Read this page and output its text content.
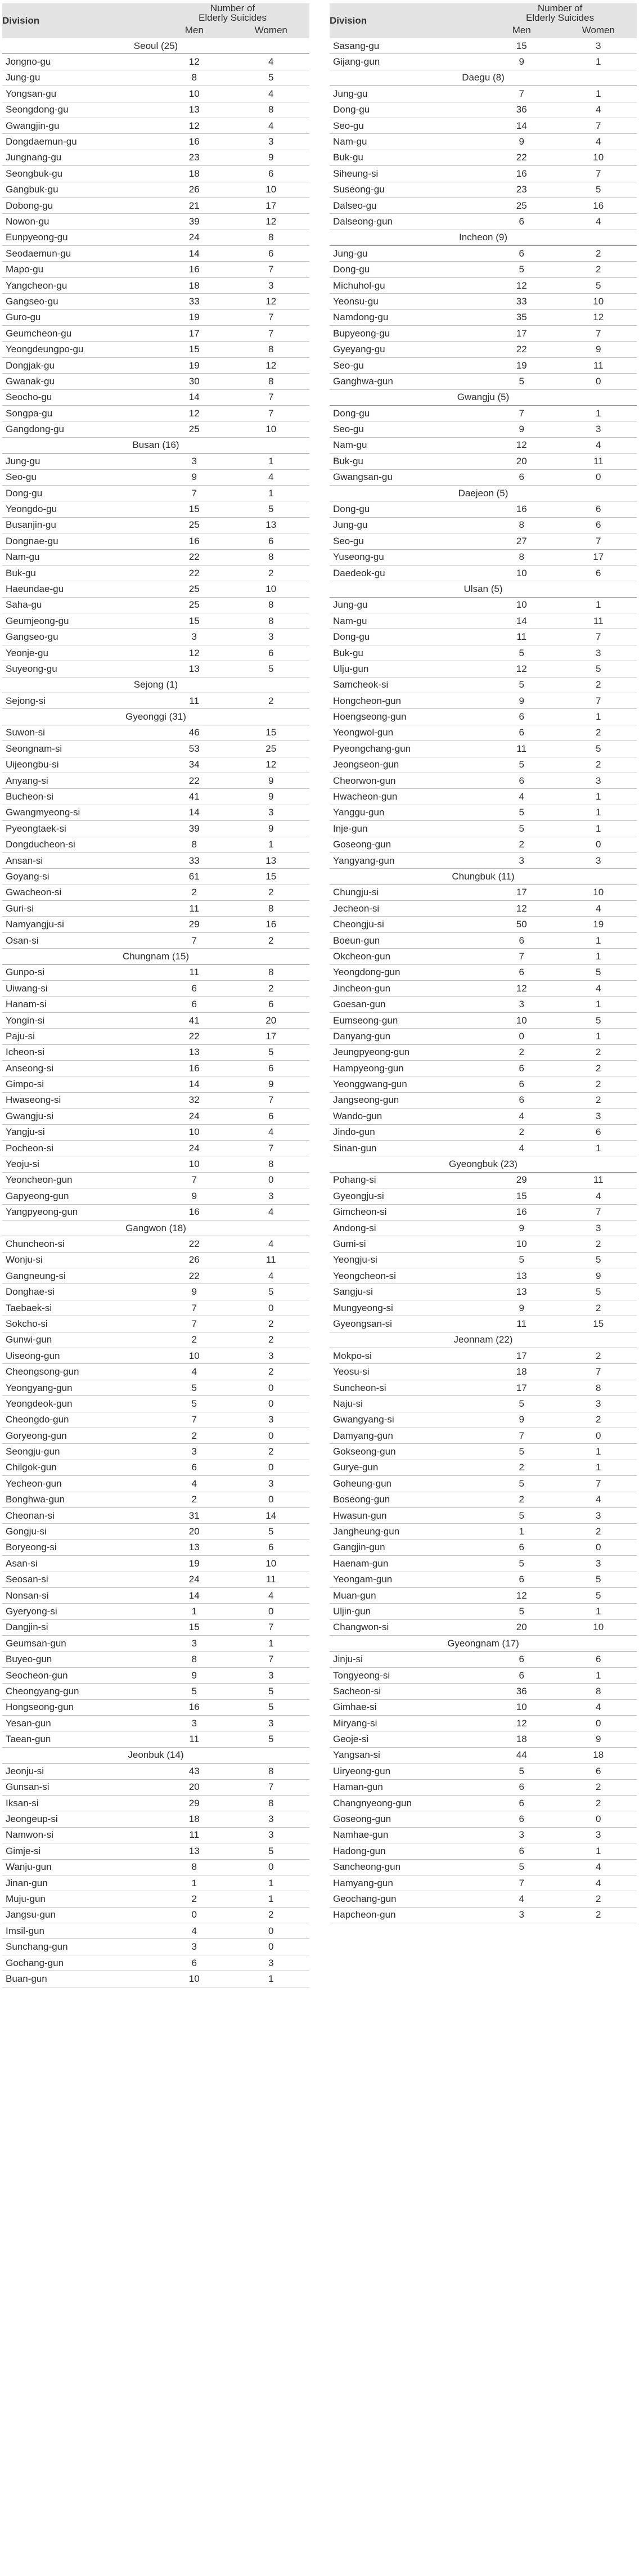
Division	Number of
Elderly Suicides	
	Men	Women
Seoul (25)		
Jongno-gu	12	4
Jung-gu	8	5
Yongsan-gu	10	4
Seongdong-gu	13	8
Gwangjin-gu	12	4
Dongdaemun-gu	16	3
Jungnang-gu	23	9
Seongbuk-gu	18	6
Gangbuk-gu	26	10
Dobong-gu	21	17
Nowon-gu	39	12
Eunpyeong-gu	24	8
Seodaemun-gu	14	6
Mapo-gu	16	7
Yangcheon-gu	18	3
Gangseo-gu	33	12
Guro-gu	19	7
Geumcheon-gu	17	7
Yeongdeungpo-gu	15	8
Dongjak-gu	19	12
Gwanak-gu	30	8
Seocho-gu	14	7
Songpa-gu	12	7
Gangdong-gu	25	10
Busan (16)		
Jung-gu	3	1
Seo-gu	9	4
Dong-gu	7	1
Yeongdo-gu	15	5
Busanjin-gu	25	13
Dongnae-gu	16	6
Nam-gu	22	8
Buk-gu	22	2
Haeundae-gu	25	10
Saha-gu	25	8
Geumjeong-gu	15	8
Gangseo-gu	3	3
Yeonje-gu	12	6
Suyeong-gu	13	5
Sejong (1)		
Sejong-si	11	2
Gyeonggi (31)		
Suwon-si	46	15
Seongnam-si	53	25
Uijeongbu-si	34	12
Anyang-si	22	9
Bucheon-si	41	9
Gwangmyeong-si	14	3
Pyeongtaek-si	39	9
Dongducheon-si	8	1
Ansan-si	33	13
Goyang-si	61	15
Gwacheon-si	2	2
Guri-si	11	8
Namyangju-si	29	16
Osan-si	7	2
Chungnam (15)		
Gunpo-si	11	8
Uiwang-si	6	2
Hanam-si	6	6
Yongin-si	41	20
Paju-si	22	17
Icheon-si	13	5
Anseong-si	16	6
Gimpo-si	14	9
Hwaseong-si	32	7
Gwangju-si	24	6
Yangju-si	10	4
Pocheon-si	24	7
Yeoju-si	10	8
Yeoncheon-gun	7	0
Gapyeong-gun	9	3
Yangpyeong-gun	16	4
Gangwon (18)		
Chuncheon-si	22	4
Wonju-si	26	11
Gangneung-si	22	4
Donghae-si	9	5
Taebaek-si	7	0
Sokcho-si	7	2
Gunwi-gun	2	2
Uiseong-gun	10	3
Cheongsong-gun	4	2
Yeongyang-gun	5	0
Yeongdeok-gun	5	0
Cheongdo-gun	7	3
Goryeong-gun	2	0
Seongju-gun	3	2
Chilgok-gun	6	0
Yecheon-gun	4	3
Bonghwa-gun	2	0
Cheonan-si	31	14
Gongju-si	20	5
Boryeong-si	13	6
Asan-si	19	10
Seosan-si	24	11
Nonsan-si	14	4
Gyeryong-si	1	0
Dangjin-si	15	7
Geumsan-gun	3	1
Buyeo-gun	8	7
Seocheon-gun	9	3
Cheongyang-gun	5	5
Hongseong-gun	16	5
Yesan-gun	3	3
Taean-gun	11	5
Jeonbuk (14)		
Jeonju-si	43	8
Gunsan-si	20	7
Iksan-si	29	8
Jeongeup-si	18	3
Namwon-si	11	3
Gimje-si	13	5
Wanju-gun	8	0
Jinan-gun	1	1
Muju-gun	2	1
Jangsu-gun	0	2
Imsil-gun	4	0
Sunchang-gun	3	0
Gochang-gun	6	3
Buan-gun	10	1
Division	Number of
Elderly Suicides	
	Men	Women
Sasang-gu	15	3
Gijang-gun	9	1
Daegu (8)		
Jung-gu	7	1
Dong-gu	36	4
Seo-gu	14	7
Nam-gu	9	4
Buk-gu	22	10
Siheung-si	16	7
Suseong-gu	23	5
Dalseo-gu	25	16
Dalseong-gun	6	4
Incheon (9)		
Jung-gu	6	2
Dong-gu	5	2
Michuhol-gu	12	5
Yeonsu-gu	33	10
Namdong-gu	35	12
Bupyeong-gu	17	7
Gyeyang-gu	22	9
Seo-gu	19	11
Ganghwa-gun	5	0
Gwangju (5)		
Dong-gu	7	1
Seo-gu	9	3
Nam-gu	12	4
Buk-gu	20	11
Gwangsan-gu	6	0
Daejeon (5)		
Dong-gu	16	6
Jung-gu	8	6
Seo-gu	27	7
Yuseong-gu	8	17
Daedeok-gu	10	6
Ulsan (5)		
Jung-gu	10	1
Nam-gu	14	11
Dong-gu	11	7
Buk-gu	5	3
Ulju-gun	12	5
Samcheok-si	5	2
Hongcheon-gun	9	7
Hoengseong-gun	6	1
Yeongwol-gun	6	2
Pyeongchang-gun	11	5
Jeongseon-gun	5	2
Cheorwon-gun	6	3
Hwacheon-gun	4	1
Yanggu-gun	5	1
Inje-gun	5	1
Goseong-gun	2	0
Yangyang-gun	3	3
Chungbuk (11)		
Chungju-si	17	10
Jecheon-si	12	4
Cheongju-si	50	19
Boeun-gun	6	1
Okcheon-gun	7	1
Yeongdong-gun	6	5
Jincheon-gun	12	4
Goesan-gun	3	1
Eumseong-gun	10	5
Danyang-gun	0	1
Jeungpyeong-gun	2	2
Hampyeong-gun	6	2
Yeonggwang-gun	6	2
Jangseong-gun	6	2
Wando-gun	4	3
Jindo-gun	2	6
Sinan-gun	4	1
Gyeongbuk (23)		
Pohang-si	29	11
Gyeongju-si	15	4
Gimcheon-si	16	7
Andong-si	9	3
Gumi-si	10	2
Yeongju-si	5	5
Yeongcheon-si	13	9
Sangju-si	13	5
Mungyeong-si	9	2
Gyeongsan-si	11	15
Jeonnam (22)		
Mokpo-si	17	2
Yeosu-si	18	7
Suncheon-si	17	8
Naju-si	5	3
Gwangyang-si	9	2
Damyang-gun	7	0
Gokseong-gun	5	1
Gurye-gun	2	1
Goheung-gun	5	7
Boseong-gun	2	4
Hwasun-gun	5	3
Jangheung-gun	1	2
Gangjin-gun	6	0
Haenam-gun	5	3
Yeongam-gun	6	5
Muan-gun	12	5
Uljin-gun	5	1
Changwon-si	20	10
Gyeongnam (17)		
Jinju-si	6	6
Tongyeong-si	6	1
Sacheon-si	36	8
Gimhae-si	10	4
Miryang-si	12	0
Geoje-si	18	9
Yangsan-si	44	18
Uiryeong-gun	5	6
Haman-gun	6	2
Changnyeong-gun	6	2
Goseong-gun	6	0
Namhae-gun	3	3
Hadong-gun	6	1
Sancheong-gun	5	4
Hamyang-gun	7	4
Geochang-gun	4	2
Hapcheon-gun	3	2
